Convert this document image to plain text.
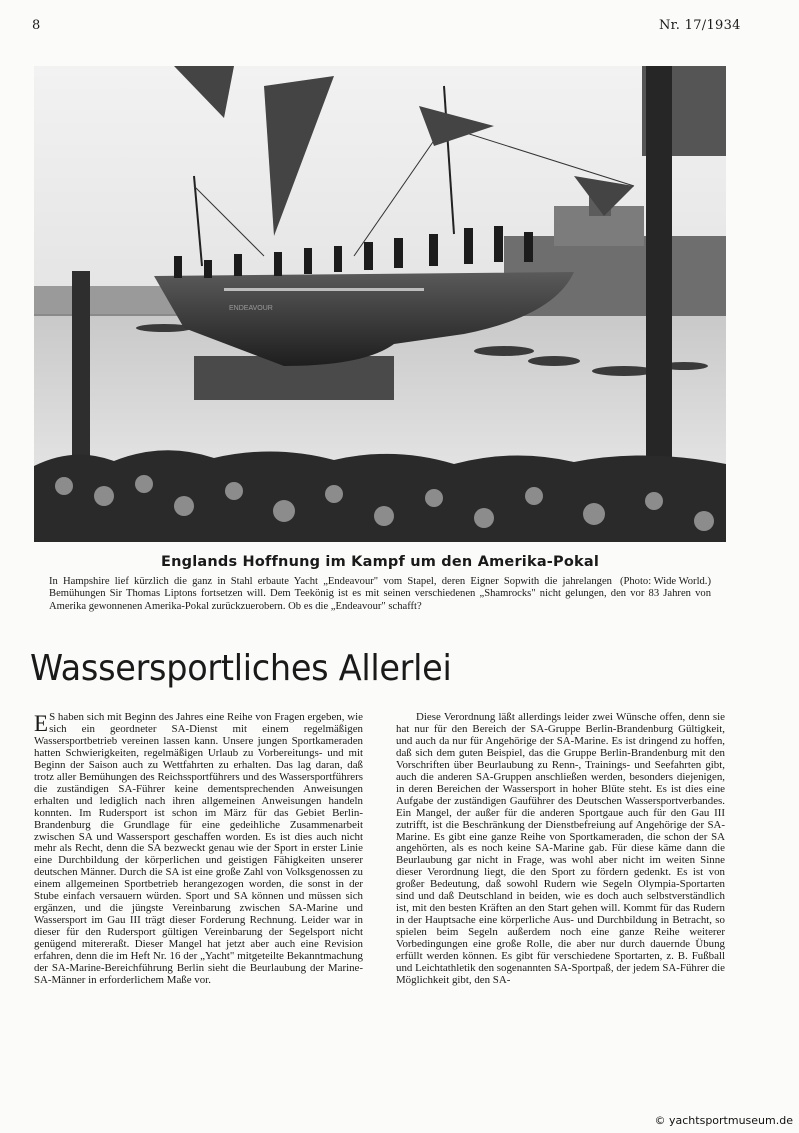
8	Nr. 17/1934
ENDEAVOUR
Englands Hoffnung im Kampf um den Amerika-Pokal
(Photo: Wide World.)
In Hampshire lief kürzlich die ganz in Stahl erbaute Yacht „Endeavour" vom Stapel, deren Eigner Sopwith die jahrelangen Bemühungen Sir Thomas Liptons fortsetzen will. Dem Teekönig ist es mit seinen verschiedenen „Shamrocks" nicht gelungen, den vor 83 Jahren von Amerika gewonnenen Amerika-Pokal zurückzuerobern. Ob es die „Endeavour" schafft?
Wassersportliches Allerlei

E S haben sich mit Beginn des Jahres eine Reihe von Fragen ergeben, wie sich ein geordneter SA-Dienst mit einem regelmäßigen Wassersportbetrieb vereinen lassen kann. Unsere jungen Sportkameraden hatten Schwierigkeiten, regelmäßigen Urlaub zu Vorbereitungs- und mit Beginn der Saison auch zu Wettfahrten zu erhalten. Das lag daran, daß trotz aller Bemühungen des Reichssportführers und des Wassersportführers die zuständigen SA-Führer keine dementsprechenden Anweisungen erhalten und lediglich nach ihren allgemeinen Anweisungen handeln konnten. Im Rudersport ist schon im März für das Gebiet Berlin-Brandenburg die Grundlage für eine gedeihliche Zusammenarbeit zwischen SA und Wassersport geschaffen worden. Es ist dies auch nicht mehr als Recht, denn die SA bezweckt genau wie der Sport in erster Linie eine Durchbildung der körperlichen und geistigen Fähigkeiten unserer deutschen Männer. Durch die SA ist eine große Zahl von Volksgenossen zu einem allgemeinen Sportbetrieb herangezogen worden, die sonst in der Stube einfach versauern würden. Sport und SA können und müssen sich ergänzen, und die jüngste Vereinbarung zwischen SA-Marine und Wassersport im Gau III trägt dieser Forderung Rechnung. Leider war in dieser für den Rudersport gültigen Vereinbarung der Segelsport nicht genügend mitereraßt. Dieser Mangel hat jetzt aber auch eine Revision erfahren, denn die im Heft Nr. 16 der „Yacht" mitgeteilte Bekanntmachung der SA-Marine-Bereichführung Berlin sieht die Beurlaubung der Marine-SA-Männer in erforderlichem Maße vor.

Diese Verordnung läßt allerdings leider zwei Wünsche offen, denn sie hat nur für den Bereich der SA-Gruppe Berlin-Brandenburg Gültigkeit, und auch da nur für Angehörige der SA-Marine. Es ist dringend zu hoffen, daß sich dem guten Beispiel, das die Gruppe Berlin-Brandenburg mit den Vorschriften über Beurlaubung zu Renn-, Trainings- und Seefahrten gibt, auch die anderen SA-Gruppen anschließen werden, besonders diejenigen, in deren Bereichen der Wassersport in hoher Blüte steht. Es ist dies eine Aufgabe der zuständigen Gauführer des Deutschen Wassersportverbandes. Ein Mangel, der außer für die anderen Sportgaue auch für den Gau III zutrifft, ist die Beschränkung der Dienstbefreiung auf Angehörige der SA-Marine. Es gibt eine ganze Reihe von Sportkameraden, die schon der SA angehörten, als es noch keine SA-Marine gab. Für diese käme dann die Beurlaubung gar nicht in Frage, was wohl aber nicht im weiten Sinne dieser Verordnung liegt, die den Sport zu fördern gedenkt. Es ist von großer Bedeutung, daß sowohl Rudern wie Segeln Olympia-Sportarten sind und daß Deutschland in beiden, wie es doch auch selbstverständlich ist, mit den besten Kräften an den Start gehen will. Kommt für das Rudern in der Hauptsache eine körperliche Aus- und Durchbildung in Betracht, so spielen beim Segeln außerdem noch eine ganze Reihe weiterer Vorbedingungen eine große Rolle, die aber nur durch dauernde Übung erfüllt werden können. Es gibt für verschiedene Sportarten, z. B. Fußball und Leichtathletik den sogenannten SA-Sportpaß, der jedem SA-Führer die Möglichkeit gibt, den SA-

© yachtsportmuseum.de
